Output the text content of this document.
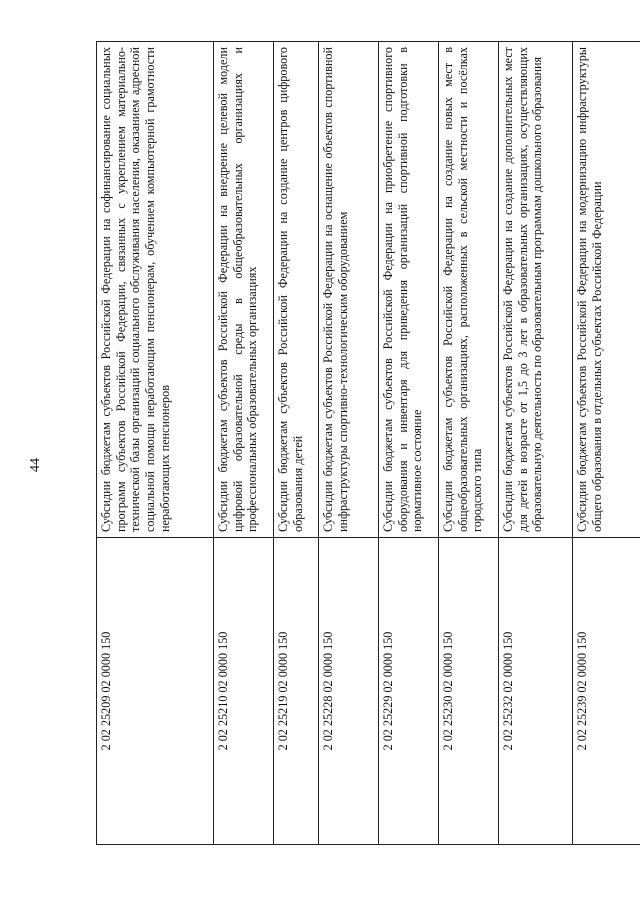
44
2 02 25209 02 0000 150	Субсидии бюджетам субъектов Российской Федерации на софинансирование социальных программ субъектов Российской Федерации, связанных с укреплением материально-технической базы организаций социального обслуживания населения, оказанием адресной социальной помощи неработающим пенсионерам, обучением компьютерной грамотности неработающих пенсионеров
2 02 25210 02 0000 150	Субсидии бюджетам субъектов Российской Федерации на внедрение целевой модели цифровой образовательной среды в общеобразовательных организациях и профессиональных образовательных организациях
2 02 25219 02 0000 150	Субсидии бюджетам субъектов Российской Федерации на создание центров цифрового образования детей
2 02 25228 02 0000 150	Субсидии бюджетам субъектов Российской Федерации на оснащение объектов спортивной инфраструктуры спортивно-технологическим оборудованием
2 02 25229 02 0000 150	Субсидии бюджетам субъектов Российской Федерации на приобретение спортивного оборудования и инвентаря для приведения организаций спортивной подготовки в нормативное состояние
2 02 25230 02 0000 150	Субсидии бюджетам субъектов Российской Федерации на создание новых мест в общеобразовательных организациях, расположенных в сельской местности и посёлках городского типа
2 02 25232 02 0000 150	Субсидии бюджетам субъектов Российской Федерации на создание дополнительных мест для детей в возрасте от 1,5 до 3 лет в образовательных организациях, осуществляющих образовательную деятельность по образовательным программам дошкольного образования
2 02 25239 02 0000 150	Субсидии бюджетам субъектов Российской Федерации на модернизацию инфраструктуры общего образования в отдельных субъектах Российской Федерации
